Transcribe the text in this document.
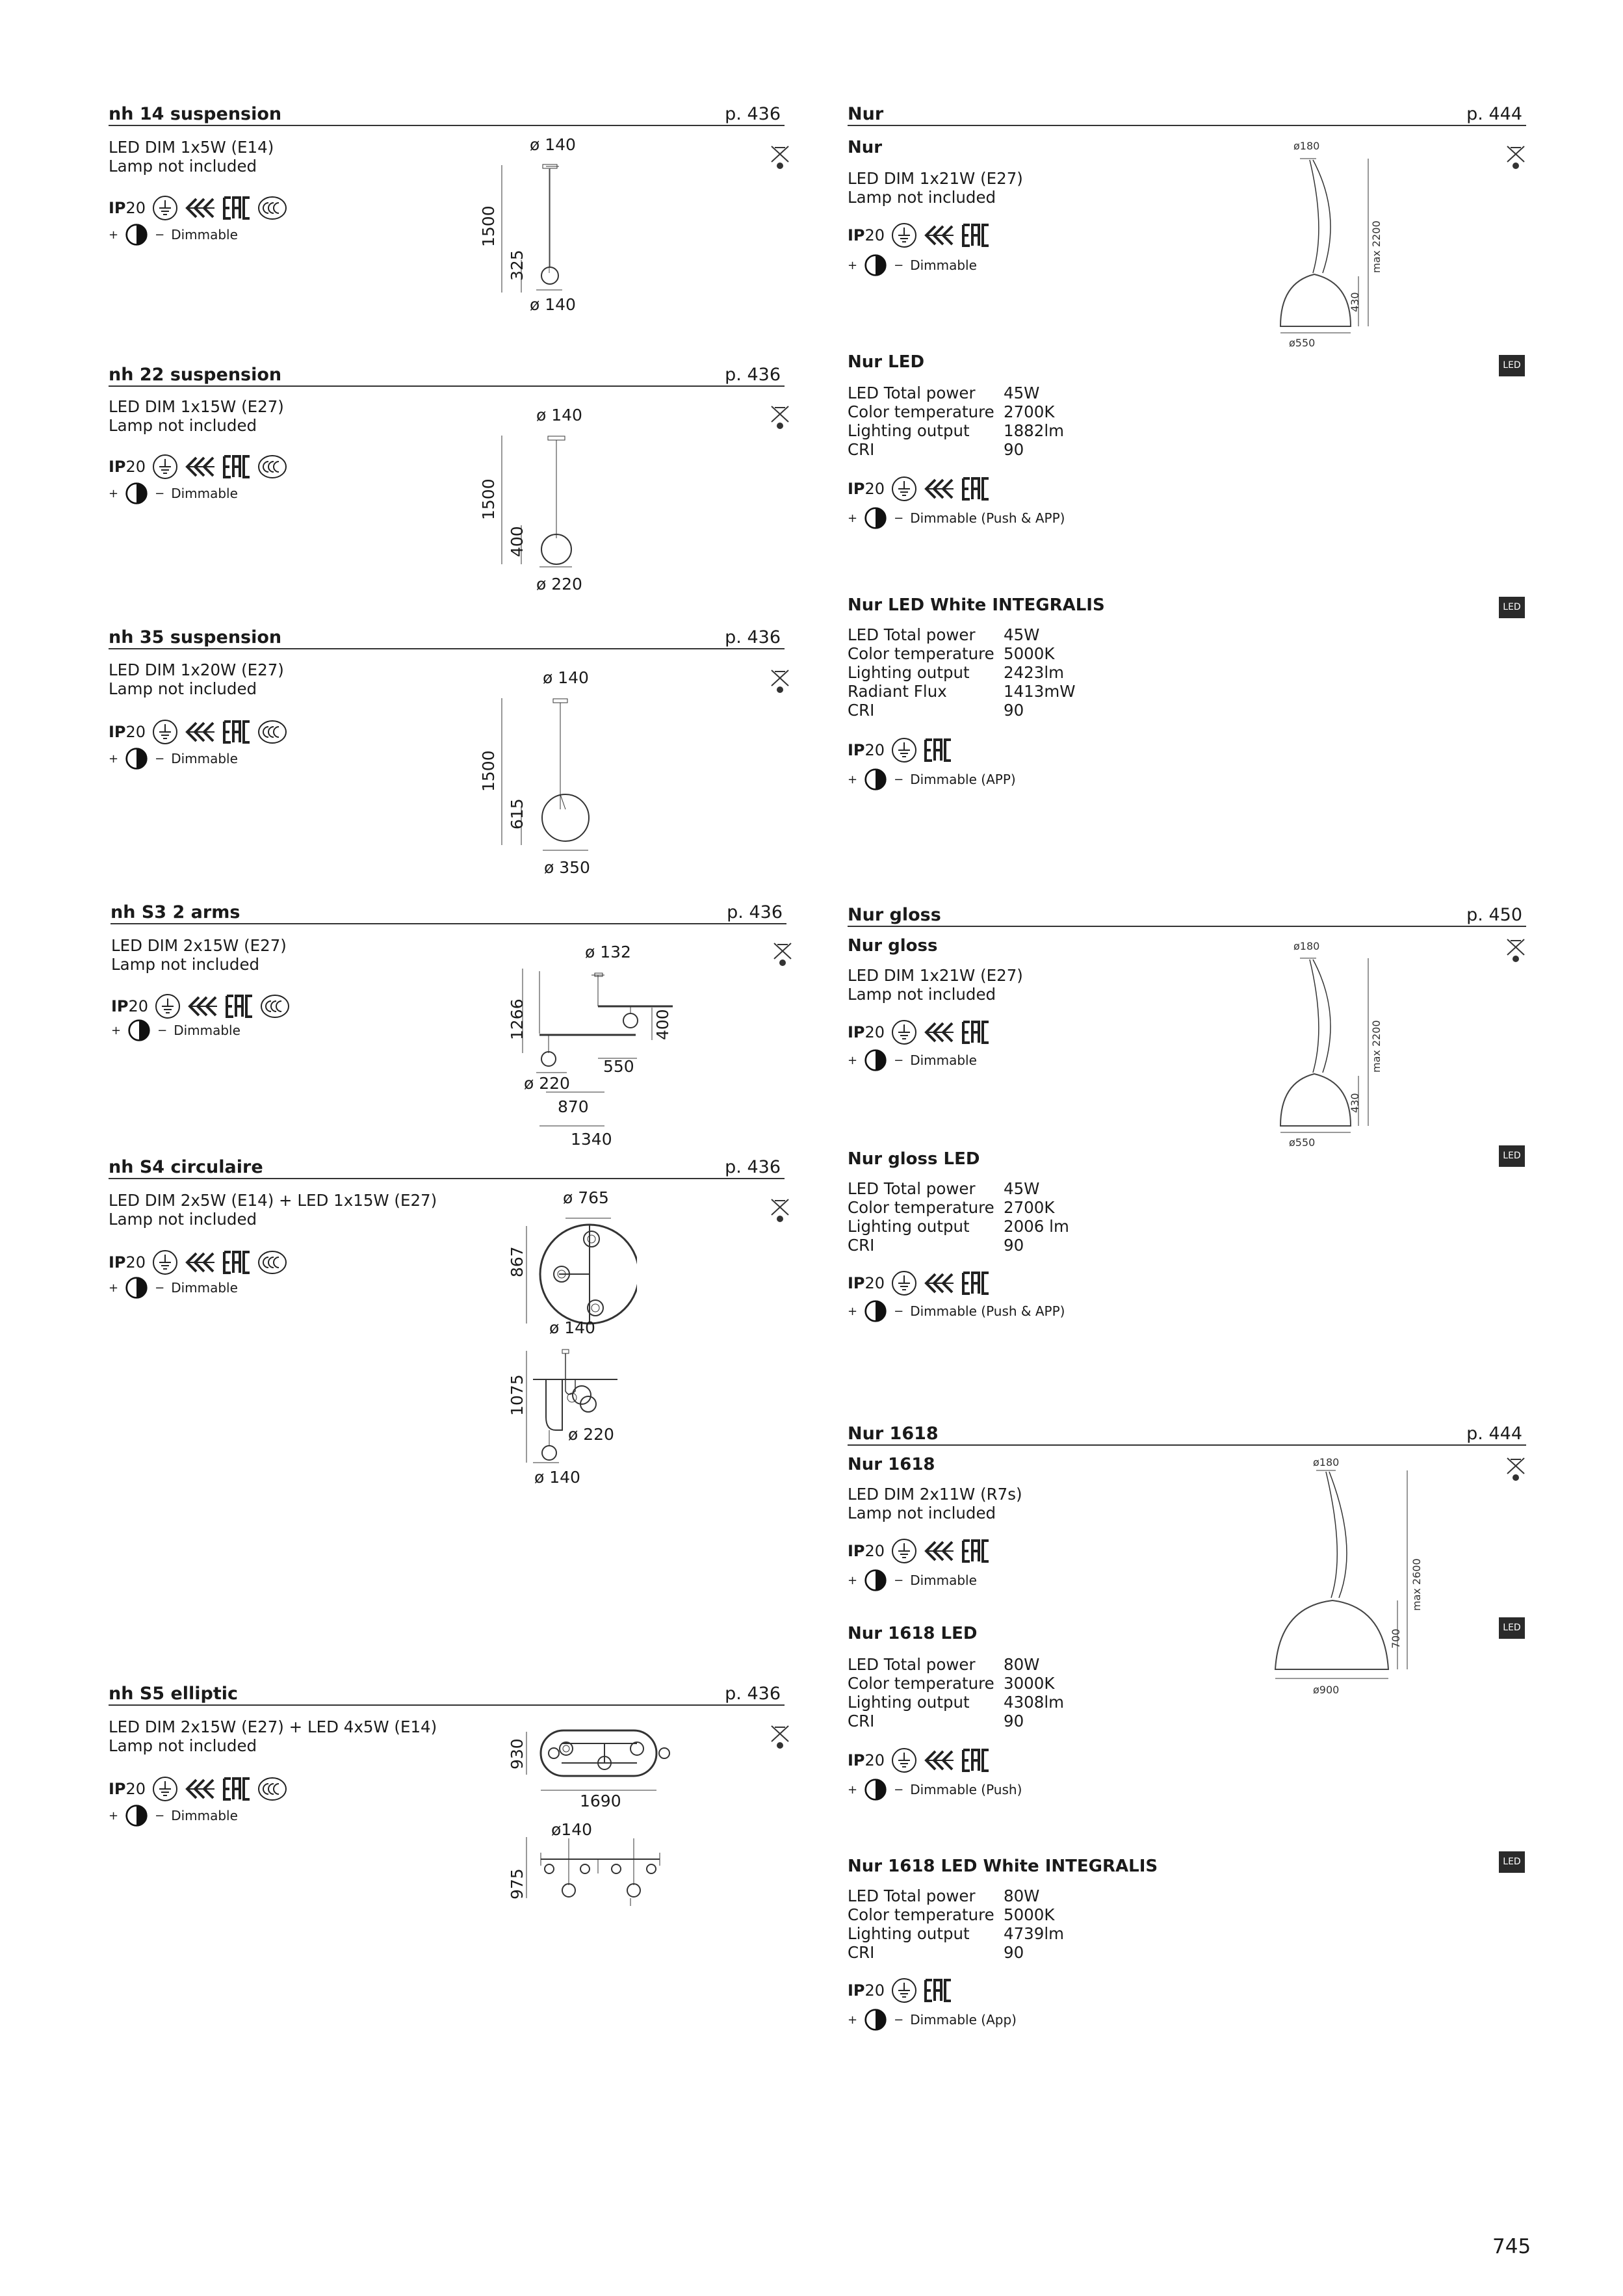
nh 14 suspension	p. 436
LED DIM 1x5W (E14)
Lamp not included
IP20
+	− Dimmable
ø 140
1500
325
ø 140
nh 22 suspension	p. 436
LED DIM 1x15W (E27)
Lamp not included
IP20
+	− Dimmable
ø 140
1500
400
ø 220
nh 35 suspension	p. 436
LED DIM 1x20W (E27)
Lamp not included
IP20
+	− Dimmable
ø 140
1500
615
ø 350
nh S3 2 arms	p. 436
LED DIM 2x15W (E27)
Lamp not included
IP20
+	− Dimmable
ø 132
1266	400
550
ø 220
870
1340
nh S4 circulaire	p. 436
LED DIM 2x5W (E14) + LED 1x15W (E27)
Lamp not included
IP20
+	− Dimmable
ø 765
867
ø 140
1075
ø 220
ø 140
nh S5 elliptic	p. 436
LED DIM 2x15W (E27) + LED 4x5W (E14)
Lamp not included
IP20
+	− Dimmable
930
1690
ø140
975
Nur	p. 444
Nur
LED DIM 1x21W (E27)
Lamp not included
IP20
+	− Dimmable
ø180
max 2200
430
ø550
Nur LED	LED
LED Total power 45W
Color temperature 2700K
Lighting output 1882lm
CRI	90
IP20
+	− Dimmable (Push & APP)
Nur LED White INTEGRALIS	LED
LED Total power 45W
Color temperature 5000K
Lighting output 2423lm
Radiant Flux	1413mW
CRI	90
IP20
+	− Dimmable (APP)
Nur gloss	p. 450
Nur gloss
LED DIM 1x21W (E27)
Lamp not included
IP20
+	− Dimmable
ø180
max 2200
430
ø550
Nur gloss LED	LED
LED Total power 45W
Color temperature 2700K
Lighting output 2006 lm
CRI	90
IP20
+	− Dimmable (Push & APP)
Nur 1618	p. 444
Nur 1618
LED DIM 2x11W (R7s)
Lamp not included
IP20
+	− Dimmable
ø180
max 2600
700
ø900
Nur 1618 LED	LED
LED Total power 80W
Color temperature 3000K
Lighting output 4308lm
CRI	90
IP20
+	− Dimmable (Push)
Nur 1618 LED White INTEGRALIS	LED
LED Total power 80W
Color temperature 5000K
Lighting output 4739lm
CRI	90
IP20
+	− Dimmable (App)
745
